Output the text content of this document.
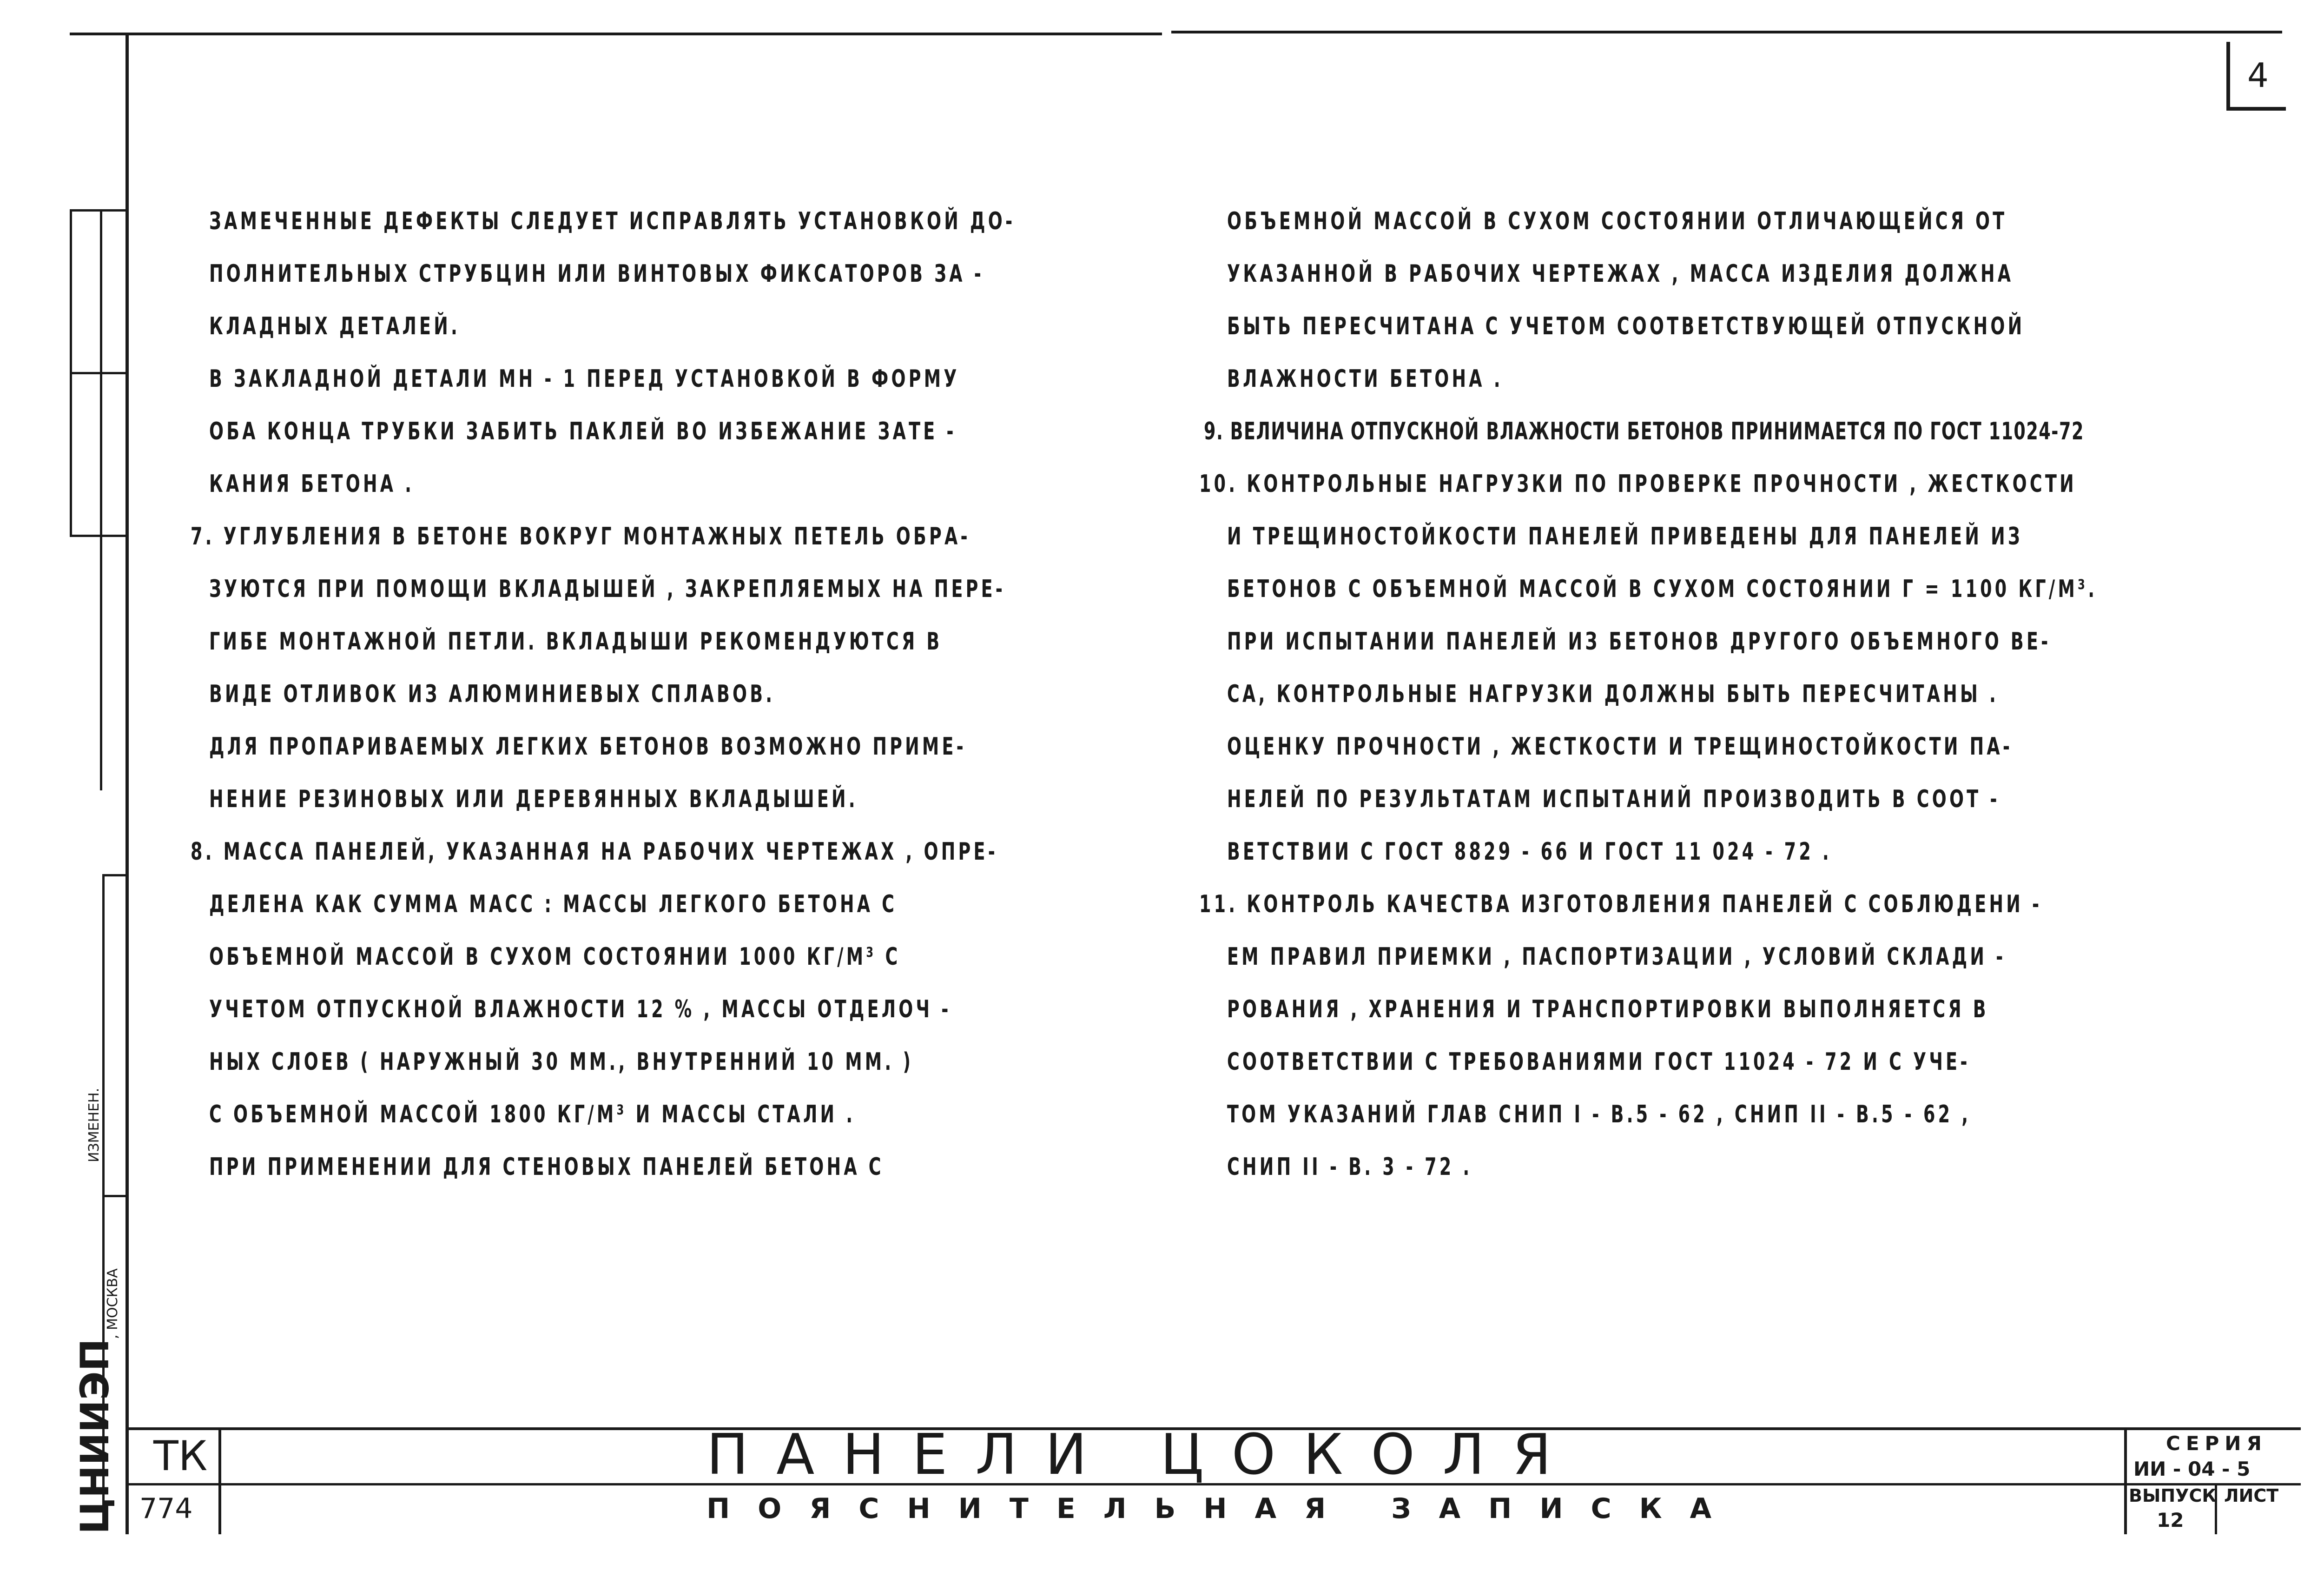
ЦНИИЭП
, МОСКВА
ИЗМЕНЕН.
4

ЗАМЕЧЕННЫЕ ДЕФЕКТЫ СЛЕДУЕТ ИСПРАВЛЯТЬ УСТАНОВКОЙ ДО-

ПОЛНИТЕЛЬНЫХ СТРУБЦИН ИЛИ ВИНТОВЫХ ФИКСАТОРОВ ЗА -

КЛАДНЫХ ДЕТАЛЕЙ.

В ЗАКЛАДНОЙ ДЕТАЛИ МН - 1 ПЕРЕД УСТАНОВКОЙ В ФОРМУ

ОБА КОНЦА ТРУБКИ ЗАБИТЬ ПАКЛЕЙ ВО ИЗБЕЖАНИЕ ЗАТЕ -

КАНИЯ БЕТОНА .

7. УГЛУБЛЕНИЯ В БЕТОНЕ ВОКРУГ МОНТАЖНЫХ ПЕТЕЛЬ ОБРА-

ЗУЮТСЯ ПРИ ПОМОЩИ ВКЛАДЫШЕЙ , ЗАКРЕПЛЯЕМЫХ НА ПЕРЕ-

ГИБЕ МОНТАЖНОЙ ПЕТЛИ. ВКЛАДЫШИ РЕКОМЕНДУЮТСЯ В

ВИДЕ ОТЛИВОК ИЗ АЛЮМИНИЕВЫХ СПЛАВОВ.

ДЛЯ ПРОПАРИВАЕМЫХ ЛЕГКИХ БЕТОНОВ ВОЗМОЖНО ПРИМЕ-

НЕНИЕ РЕЗИНОВЫХ ИЛИ ДЕРЕВЯННЫХ ВКЛАДЫШЕЙ.

8. МАССА ПАНЕЛЕЙ, УКАЗАННАЯ НА РАБОЧИХ ЧЕРТЕЖАХ , ОПРЕ-

ДЕЛЕНА КАК СУММА МАСС : МАССЫ ЛЕГКОГО БЕТОНА С

ОБЪЕМНОЙ МАССОЙ В СУХОМ СОСТОЯНИИ 1000 КГ/М³ С

УЧЕТОМ ОТПУСКНОЙ ВЛАЖНОСТИ 12 % , МАССЫ ОТДЕЛОЧ -

НЫХ СЛОЕВ ( НАРУЖНЫЙ 30 ММ., ВНУТРЕННИЙ 10 ММ. )

С ОБЪЕМНОЙ МАССОЙ 1800 КГ/М³ И МАССЫ СТАЛИ .

ПРИ ПРИМЕНЕНИИ ДЛЯ СТЕНОВЫХ ПАНЕЛЕЙ БЕТОНА С

ОБЪЕМНОЙ МАССОЙ В СУХОМ СОСТОЯНИИ ОТЛИЧАЮЩЕЙСЯ ОТ

УКАЗАННОЙ В РАБОЧИХ ЧЕРТЕЖАХ , МАССА ИЗДЕЛИЯ ДОЛЖНА

БЫТЬ ПЕРЕСЧИТАНА С УЧЕТОМ СООТВЕТСТВУЮЩЕЙ ОТПУСКНОЙ

ВЛАЖНОСТИ БЕТОНА .

9. ВЕЛИЧИНА ОТПУСКНОЙ ВЛАЖНОСТИ БЕТОНОВ ПРИНИМАЕТСЯ ПО ГОСТ 11024-72

10. КОНТРОЛЬНЫЕ НАГРУЗКИ ПО ПРОВЕРКЕ ПРОЧНОСТИ , ЖЕСТКОСТИ

И ТРЕЩИНОСТОЙКОСТИ ПАНЕЛЕЙ ПРИВЕДЕНЫ ДЛЯ ПАНЕЛЕЙ ИЗ

БЕТОНОВ С ОБЪЕМНОЙ МАССОЙ В СУХОМ СОСТОЯНИИ Γ = 1100 КГ/М³.

ПРИ ИСПЫТАНИИ ПАНЕЛЕЙ ИЗ БЕТОНОВ ДРУГОГО ОБЪЕМНОГО ВЕ-

СА, КОНТРОЛЬНЫЕ НАГРУЗКИ ДОЛЖНЫ БЫТЬ ПЕРЕСЧИТАНЫ .

ОЦЕНКУ ПРОЧНОСТИ , ЖЕСТКОСТИ И ТРЕЩИНОСТОЙКОСТИ ПА-

НЕЛЕЙ ПО РЕЗУЛЬТАТАМ ИСПЫТАНИЙ ПРОИЗВОДИТЬ В СООТ -

ВЕТСТВИИ С ГОСТ 8829 - 66 И ГОСТ 11 024 - 72 .

11. КОНТРОЛЬ КАЧЕСТВА ИЗГОТОВЛЕНИЯ ПАНЕЛЕЙ С СОБЛЮДЕНИ -

ЕМ ПРАВИЛ ПРИЕМКИ , ПАСПОРТИЗАЦИИ , УСЛОВИЙ СКЛАДИ -

РОВАНИЯ , ХРАНЕНИЯ И ТРАНСПОРТИРОВКИ ВЫПОЛНЯЕТСЯ В

СООТВЕТСТВИИ С ТРЕБОВАНИЯМИ ГОСТ 11024 - 72 И С УЧЕ-

ТОМ УКАЗАНИЙ ГЛАВ СНИП I - В.5 - 62 , СНИП II - В.5 - 62 ,

СНИП II - В. 3 - 72 .

ТК
774
ПАНЕЛИ ЦОКОЛЯ
ПОЯСНИТЕЛЬНАЯ ЗАПИСКА
СЕРИЯ
ИИ - 04 - 5
ВЫПУСК
12
ЛИСТ
